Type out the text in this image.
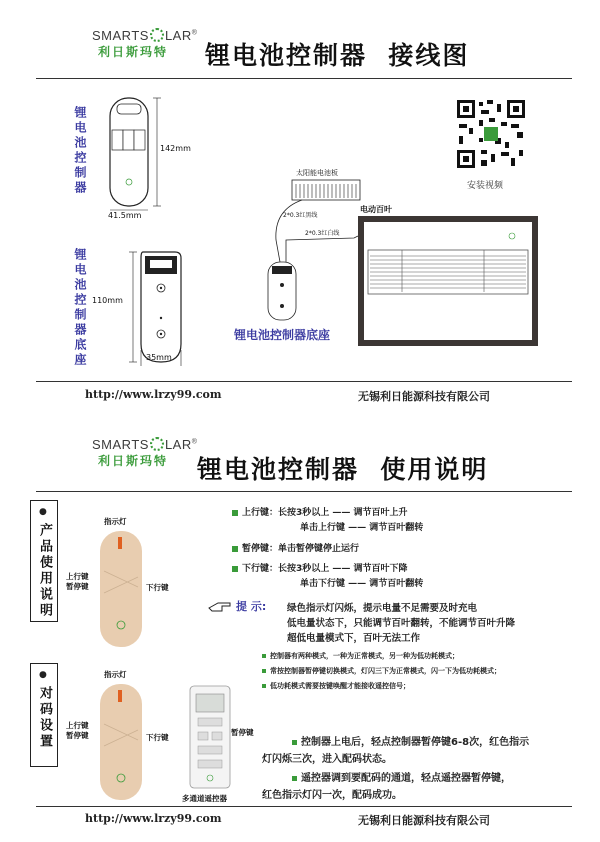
SMARTS LAR®
利日斯玛特	锂电池控制器  接线图
锂电池控制器	142mm
41.5mm
锂电池控制器底座 110mm
35mm
太阳能电池板
2*0.3红黑线
2*0.3红白线
电动百叶
锂电池控制器底座
安装视频
http://www.lrzy99.com	无锡利日能源科技有限公司
SMARTS LAR®
利日斯玛特	锂电池控制器  使用说明
●
产品使用说明
指示灯
上行键
暂停键	下行键
上行键：长按3秒以上 —— 调节百叶上升
单击上行键 —— 调节百叶翻转
暂停键：单击暂停键停止运行
下行键：长按3秒以上 —— 调节百叶下降
单击下行键 —— 调节百叶翻转
提 示: 绿色指示灯闪烁，提示电量不足需要及时充电
低电量状态下，只能调节百叶翻转，不能调节百叶升降
超低电量模式下，百叶无法工作
控制器有两种模式，一种为正常模式，另一种为低功耗模式；
常按控制器暂停键切换模式，灯闪三下为正常模式，闪一下为低功耗模式；
低功耗模式需要按键唤醒才能接收遥控信号；
●
对码设置
指示灯
上行键
暂停键	下行键
暂停键
多通道遥控器
控制器上电后，轻点控制器暂停键6-8次，红色指示
灯闪烁三次，进入配码状态。
遥控器调到要配码的通道，轻点遥控器暂停键，
红色指示灯闪一次，配码成功。
http://www.lrzy99.com	无锡利日能源科技有限公司
